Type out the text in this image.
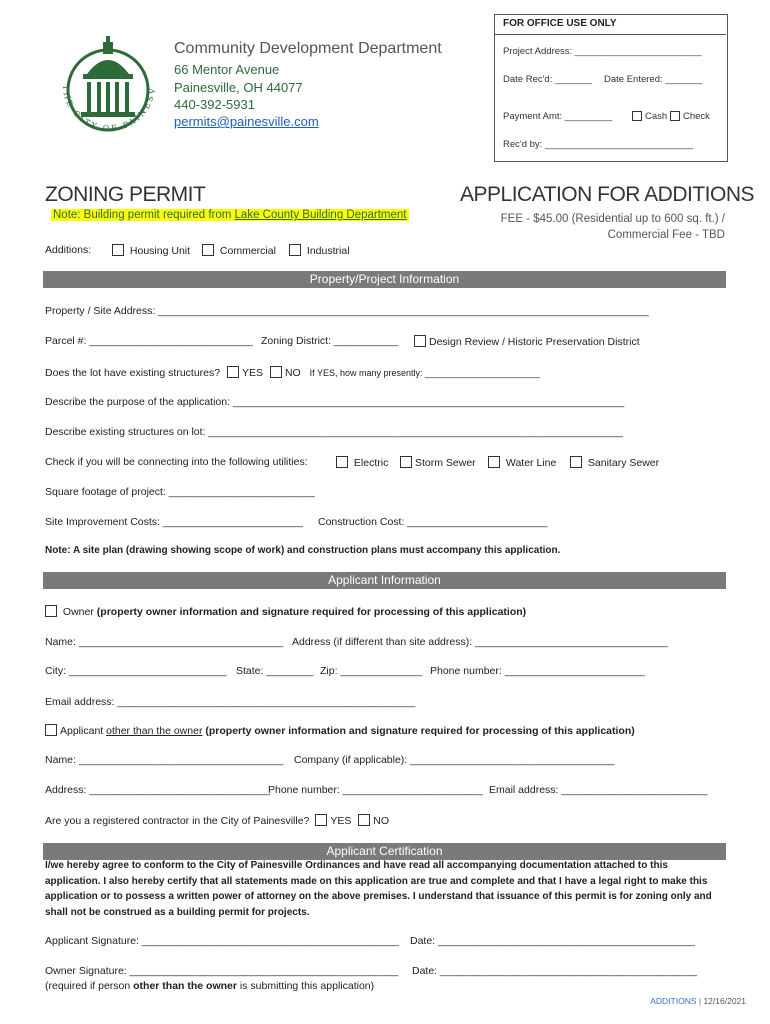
FOR OFFICE USE ONLY
Project Address: ________________________
Date Rec'd: _______ Date Entered: _______
Payment Amt: _________	Cash	Check
Rec'd by: ____________________________
THE CITY OF PAINESV
Community Development Department
66 Mentor Avenue
Painesville, OH 44077
440-392-5931
permits@painesville.com
ZONING PERMIT	APPLICATION FOR ADDITIONS
Note: Building permit required from Lake County Building Department	FEE - $45.00 (Residential up to 600 sq. ft.) /
Commercial Fee - TBD
Additions:	Housing Unit	Commercial	Industrial
Property/Project Information
Property / Site Address: ____________________________________________________________________________________
Parcel #: ____________________________ Zoning District: ___________	Design Review / Historic Preservation District
Does the lot have existing structures? YES NO If YES, how many presently: _______________________
Describe the purpose of the application: ___________________________________________________________________
Describe existing structures on lot: _______________________________________________________________________
Check if you will be connecting into the following utilities:	Electric	Storm Sewer	Water Line	Sanitary Sewer
Square footage of project: _________________________
Site Improvement Costs: ________________________ Construction Cost: ________________________
Note: A site plan (drawing showing scope of work) and construction plans must accompany this application.
Applicant Information
Owner (property owner information and signature required for processing of this application)
Name: ___________________________________ Address (if different than site address): _________________________________
City: ___________________________ State: ________ Zip: ______________ Phone number: ________________________
Email address: ___________________________________________________
Applicant other than the owner (property owner information and signature required for processing of this application)
Name: ___________________________________ Company (if applicable): ___________________________________
Address: _______________________________
Phone number: ________________________ Email address: _________________________
Are you a registered contractor in the City of Painesville? YES NO
Applicant Certification
I/we hereby agree to conform to the City of Painesville Ordinances and have read all accompanying documentation attached to this application. I also hereby certify that all statements made on this application are true and complete and that I have a legal right to make this application or to possess a written power of attorney on the above premises. I understand that issuance of this permit is for zoning only and shall not be construed as a building permit for projects.
Applicant Signature: ____________________________________________ Date: ____________________________________________
Owner Signature: ______________________________________________ Date: ____________________________________________
(required if person other than the owner is submitting this application)
ADDITIONS | 12/16/2021
